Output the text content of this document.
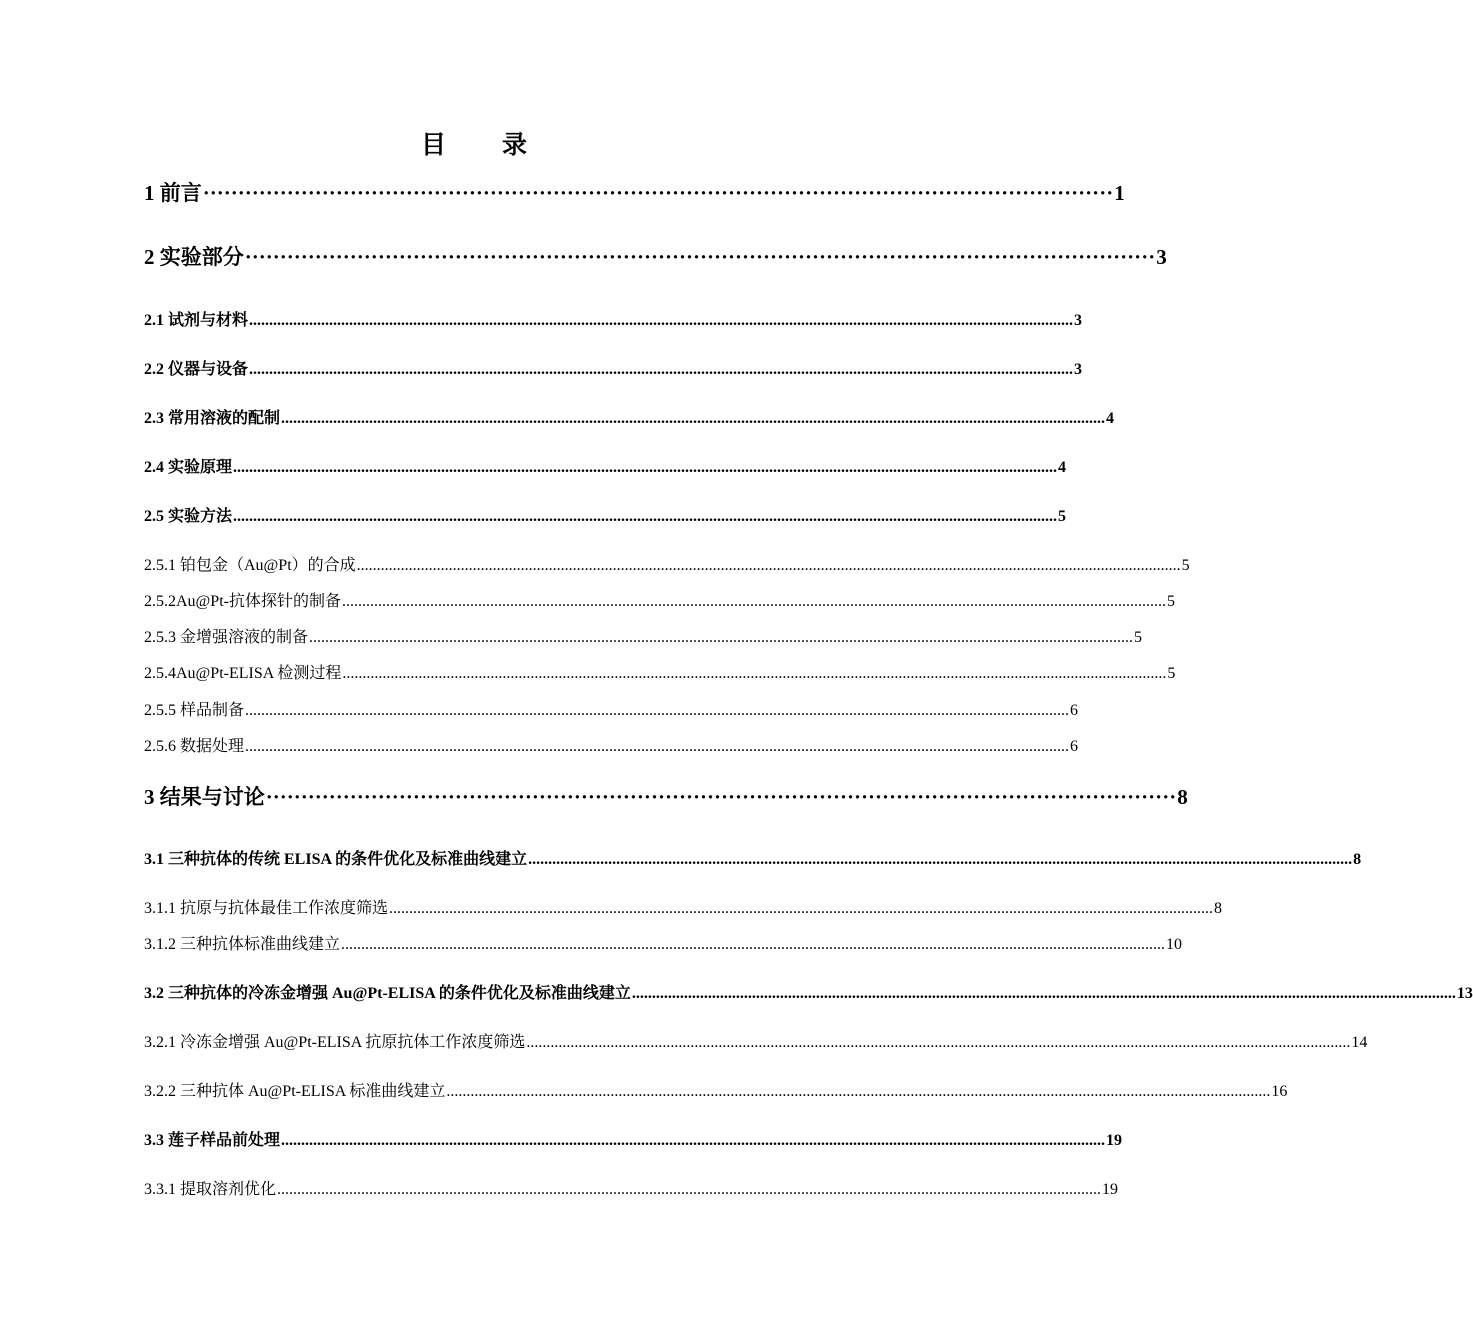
目　　录
1 前言 ·································································································································· 1
2 实验部分 ·································································································································· 3
2.1 试剂与材料 .............................................................................................................................................................................................................. 3
2.2 仪器与设备 .............................................................................................................................................................................................................. 3
2.3 常用溶液的配制 .............................................................................................................................................................................................................. 4
2.4 实验原理 .............................................................................................................................................................................................................. 4
2.5 实验方法 .............................................................................................................................................................................................................. 5
2.5.1 铂包金（Au@Pt）的合成 .............................................................................................................................................................................................................. 5
2.5.2Au@Pt-抗体探针的制备 .............................................................................................................................................................................................................. 5
2.5.3 金增强溶液的制备 .............................................................................................................................................................................................................. 5
2.5.4Au@Pt-ELISA 检测过程 .............................................................................................................................................................................................................. 5
2.5.5 样品制备 .............................................................................................................................................................................................................. 6
2.5.6 数据处理 .............................................................................................................................................................................................................. 6
3 结果与讨论 ·································································································································· 8
3.1 三种抗体的传统 ELISA 的条件优化及标准曲线建立 .............................................................................................................................................................................................................. 8
3.1.1 抗原与抗体最佳工作浓度筛选 .............................................................................................................................................................................................................. 8
3.1.2 三种抗体标准曲线建立 .............................................................................................................................................................................................................. 10
3.2 三种抗体的冷冻金增强 Au@Pt-ELISA 的条件优化及标准曲线建立 .............................................................................................................................................................................................................. 13
3.2.1 冷冻金增强 Au@Pt-ELISA 抗原抗体工作浓度筛选 .............................................................................................................................................................................................................. 14
3.2.2 三种抗体 Au@Pt-ELISA 标准曲线建立 .............................................................................................................................................................................................................. 16
3.3 莲子样品前处理 .............................................................................................................................................................................................................. 19
3.3.1 提取溶剂优化 .............................................................................................................................................................................................................. 19
